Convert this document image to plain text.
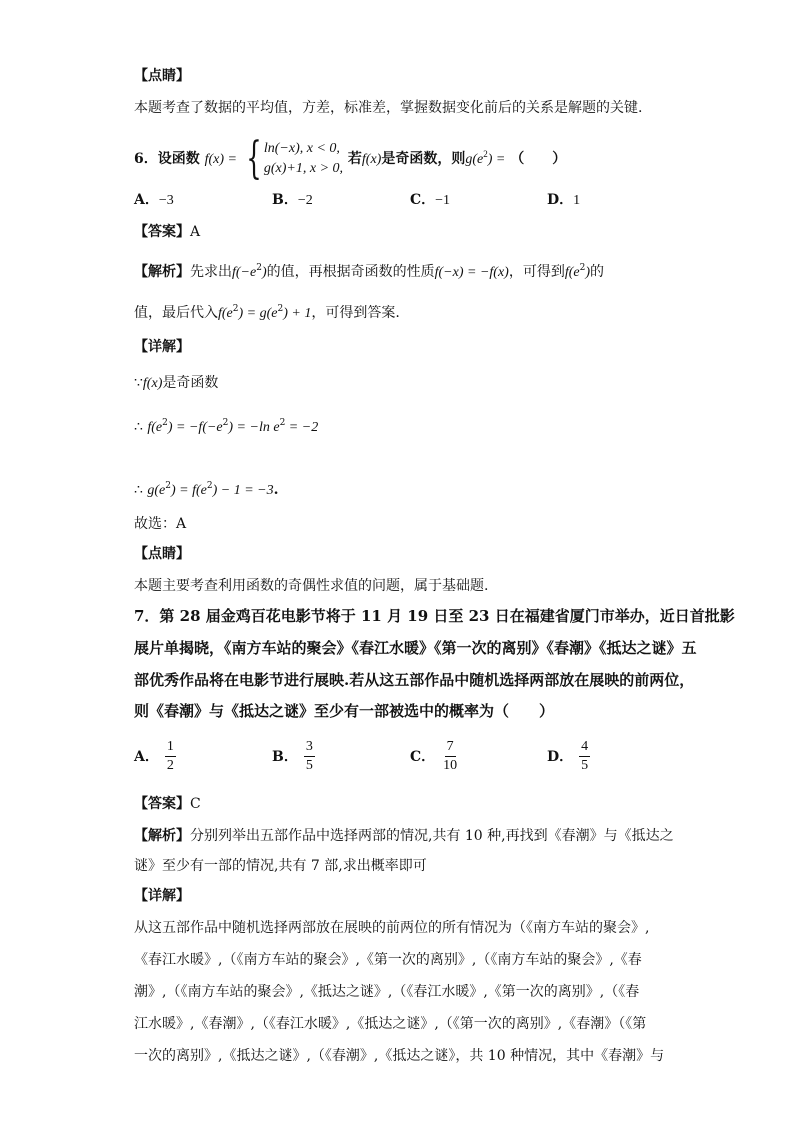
【点睛】
本题考查了数据的平均值，方差，标准差，掌握数据变化前后的关系是解题的关键.
6．设函数 f(x) = { ln(−x), x < 0,
g(x)+1, x > 0,
若f(x)是奇函数，则$g(e^2)$ = （　　）
A．−3	B．−2	C．−1	D．1
【答案】A
【解析】先求出$f(-e^2)$的值，再根据奇函数的性质f(−x) = −f(x)，可得到$f(e^2)$的
值，最后代入$f(e^2) = g(e^2) + 1$，可得到答案.
【详解】
∵f(x)是奇函数
∴ $f(e^2) = -f(-e^2) = -\ln$ $e^2 = -2$
∴ $g(e^2) = f(e^2) - 1 = -3$.
故选：A
【点睛】
本题主要考查利用函数的奇偶性求值的问题，属于基础题.
7．第 28 届金鸡百花电影节将于 11 月 19 日至 23 日在福建省厦门市举办，近日首批影
展片单揭晓，《南方车站的聚会》《春江水暖》《第一次的离别》《春潮》《抵达之谜》五
部优秀作品将在电影节进行展映.若从这五部作品中随机选择两部放在展映的前两位，
则《春潮》与《抵达之谜》至少有一部被选中的概率为（　　）
A． $\frac{1}{2}$	B． $\frac{3}{5}$	C． $\frac{7}{10}$	D． $\frac{4}{5}$
【答案】C
【解析】分别列举出五部作品中选择两部的情况,共有 10 种,再找到《春潮》与《抵达之
谜》至少有一部的情况,共有 7 部,求出概率即可
【详解】
从这五部作品中随机选择两部放在展映的前两位的所有情况为（《南方车站的聚会》,
《春江水暖》,（《南方车站的聚会》,《第一次的离别》,（《南方车站的聚会》,《春
潮》,（《南方车站的聚会》,《抵达之谜》,（《春江水暖》,《第一次的离别》,（《春
江水暖》,《春潮》,（《春江水暖》,《抵达之谜》,（《第一次的离别》,《春潮》（《第
一次的离别》,《抵达之谜》,（《春潮》,《抵达之谜》，共 10 种情况，其中《春潮》与
